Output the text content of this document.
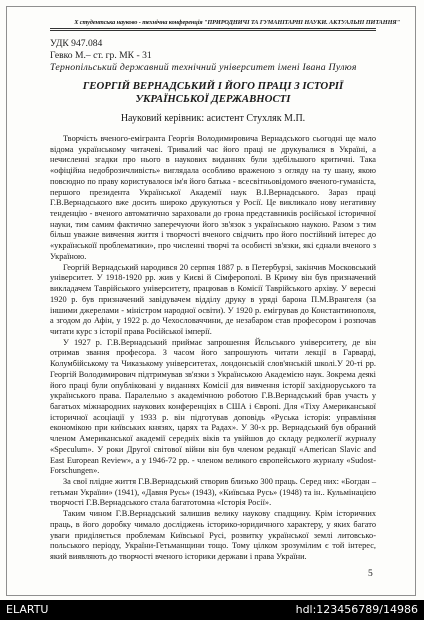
Х студентська науково - технічна конференція "ПРИРОДНИЧІ ТА ГУМАНІТАРНІ НАУКИ. АКТУАЛЬНІ ПИТАННЯ"
УДК 947.084
Гевко М.– ст. гр. МК - 31
Тернопільський державний технічний університет імені Івана Пулюя
ГЕОРГІЙ ВЕРНАДСЬКИЙ І ЙОГО ПРАЦІ З ІСТОРІЇ УКРАЇНСЬКОЇ ДЕРЖАВНОСТІ
Науковий керівник: асистент Стухляк М.П.

Творчість вченого-емігранта Георгія Володимировича Вернадського сьогодні ще мало відома українському читачеві. Тривалий час його праці не друкувалися в Україні, а нечисленні згадки про нього в наукових виданнях були здебільшого критичні. Така «офіційна недоброзичливість» виглядала особливо враженою з огляду на ту шану, якою повсюдно по праву користувалося ім'я його батька - всесвітньовідомого вченого-гуманіста, першого президента Української Академії наук В.І.Вернадського. Зараз праці Г.В.Вернадського вже досить широко друкуються у Росії. Це викликало нову негативну тенденцію - вченого автоматично зараховали до грона представників російської історичної науки, тим самим фактично заперечуючи його зв'язок з українською наукою. Разом з тим більш уважне вивчення життя і творчості вченого свідчить про його постійний інтерес до «українськоїї проблематики», про численні творчі та особисті зв'язки, які єднали вченого з Україною.

Георгій Вернадський народився 20 серпня 1887 р. в Петербурзі, закінчив Московський університет. У 1918-1920 рр. жив у Києві й Сімферополі. В Криму він був призначений викладачем Таврійського університету, працював в Комісії Таврійського архіву. У вересні 1920 р. був призначений завідувачем відділу друку в уряді барона П.М.Врангеля (за іншими джерелами - міністром народної освіти). У 1920 р. емігрував до Константинополя, а згодом до Афін, у 1922 р. до Чехословаччини, де незабаром став професором і розпочав читати курс з історії права Російської імперії.

У 1927 р. Г.В.Вернадський приймає запрошення Йєльського університету, де він отримав звання професора. З часом його запрошують читати лекції в Гарварді, Колумбійському та Чиказькому університетах, лондонській слов'янській школі.У 20-ті рр. Георгій Володимирович підтримував зв'язки з Українською Академією наук. Зокрема деякі його праці були опубліковані у виданнях Комісії для вивчення історії західноруського та українського права. Паралельно з академічною роботою Г.В.Вернадський брав участь у багатьох міжнародних наукових конференціях в США і Європі. Для «Тіху Американської історичної асоціації у 1933 р. він підготував доповідь «Руська історія: управління економікою при київських князях, царях та Радах». У 30-х рр. Вернадський був обраний членом Американської академії середніх віків та увійшов до складу редколегії журналу «Speculum». У роки Другої світової війни він був членом редакції «American Slavic and East European Review», а у 1946-72 рр. - членом великого європейського журналу «Sudost-Forschungen».

За свої плідне життя Г.В.Вернадський створив близько 300 праць. Серед них: «Богдан – гетьман України» (1941), «Давня Русь» (1943), «Київська Русь» (1948) та ін.. Кульмінацією творчості Г.В.Вернадського стала багатотомна «Історія Росії».

Таким чином Г.В.Вернадський залишив велику наукову спадщину. Крім історичних праць, в його доробку чимало досліджень історико-юридичного характеру, у яких багато уваги приділяється проблемам Київської Русі, розвитку української землі литовсько-польського періоду, України-Гетьманщини тощо. Тому цілком зрозумілим є той інтерес, який виявляють до творчості вченого історики держави і права України.

5
ELARTU	hdl:123456789/14986
